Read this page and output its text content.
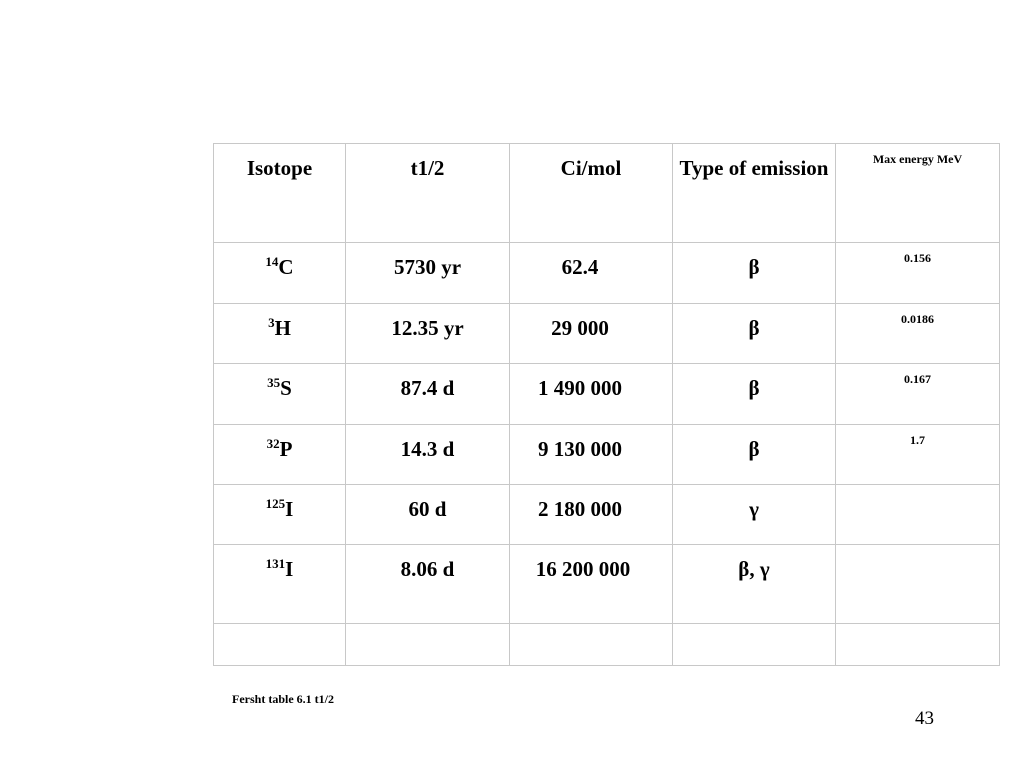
Isotope	t1/2	Ci/mol	Type of emission	Max energy MeV
$^{14}$C	5730 yr	62.4	β	0.156
$^3$H	12.35 yr	29 000	β	0.0186
$^{35}$S	87.4 d	1 490 000	β	0.167
$^{32}$P	14.3 d	9 130 000	β	1.7
$^{125}$I	60 d	2 180 000	γ	
$^{131}$I	8.06 d	16 200 000	β, γ	

Fersht table 6.1 t1/2
43
